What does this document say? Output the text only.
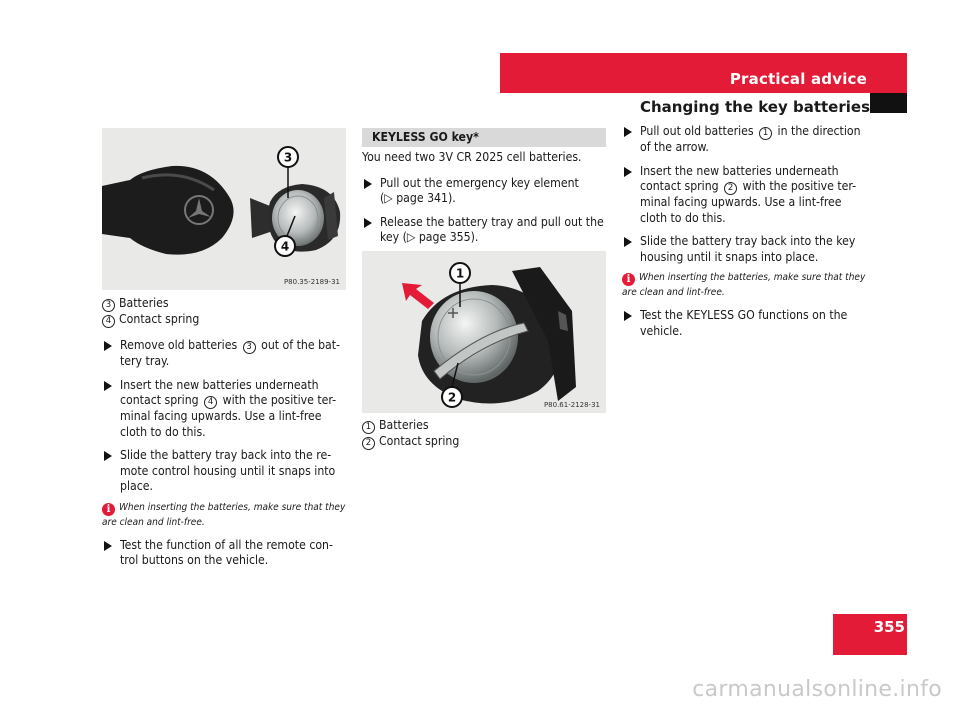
Practical advice
Changing the key batteries
3
4
P80.35-2189-31
3 Batteries
4 Contact spring
Remove old batteries 3 out of the bat-tery tray.
Insert the new batteries underneath contact spring 4 with the positive ter-minal facing upwards. Use a lint-free cloth to do this.
Slide the battery tray back into the re-mote control housing until it snaps into place.
i When inserting the batteries, make sure that they are clean and lint-free.
Test the function of all the remote con-trol buttons on the vehicle.
KEYLESS GO key*
You need two 3V CR 2025 cell batteries.
Pull out the emergency key element
(▷ page 341).
Release the battery tray and pull out the key (▷ page 355).
1
2
P80.61-2128-31
1 Batteries
2 Contact spring
Pull out old batteries 1 in the direction of the arrow.
Insert the new batteries underneath contact spring 2 with the positive ter-minal facing upwards. Use a lint-free cloth to do this.
Slide the battery tray back into the key housing until it snaps into place.
i When inserting the batteries, make sure that they are clean and lint-free.
Test the KEYLESS GO functions on the vehicle.
355
carmanualsonline.info
